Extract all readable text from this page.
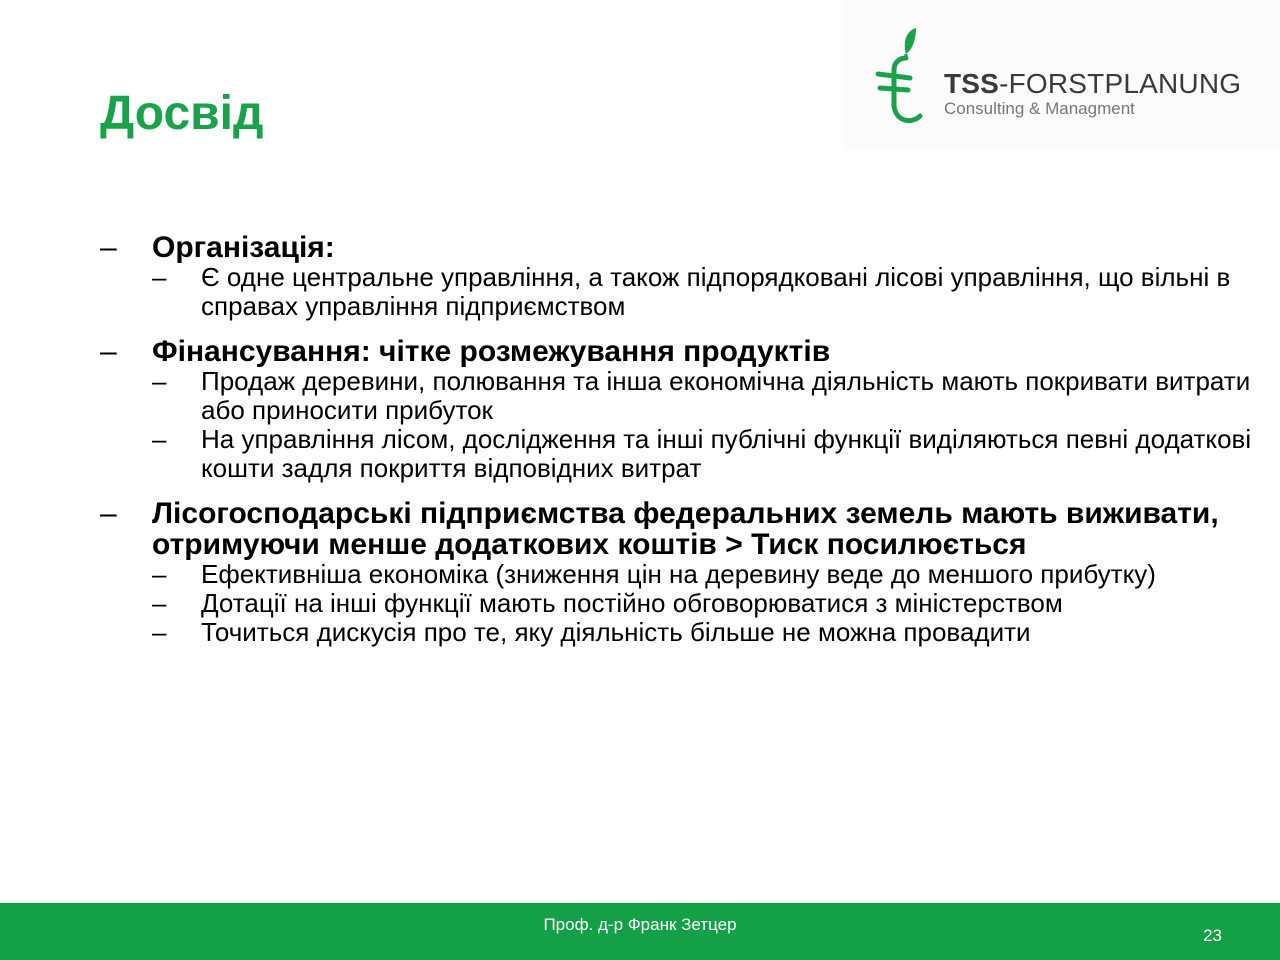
TSS-FORSTPLANUNG
Consulting & Managment
Досвід
– Організація:
– Є одне центральне управління, а також підпорядковані лісові управління, що вільні в справах управління підприємством
– Фінансування: чітке розмежування продуктів
– Продаж деревини, полювання та інша економічна діяльність мають покривати витрати або приносити прибуток
– На управління лісом, дослідження та інші публічні функції виділяються певні додаткові кошти задля покриття відповідних витрат
– Лісогосподарські підприємства федеральних земель мають виживати, отримуючи менше додаткових коштів > Тиск посилюється
– Ефективніша економіка (зниження цін на деревину веде до меншого прибутку)
– Дотації на інші функції мають постійно обговорюватися з міністерством
– Точиться дискусія про те, яку діяльність більше не можна провадити
Проф. д-р Франк Зетцер
23
